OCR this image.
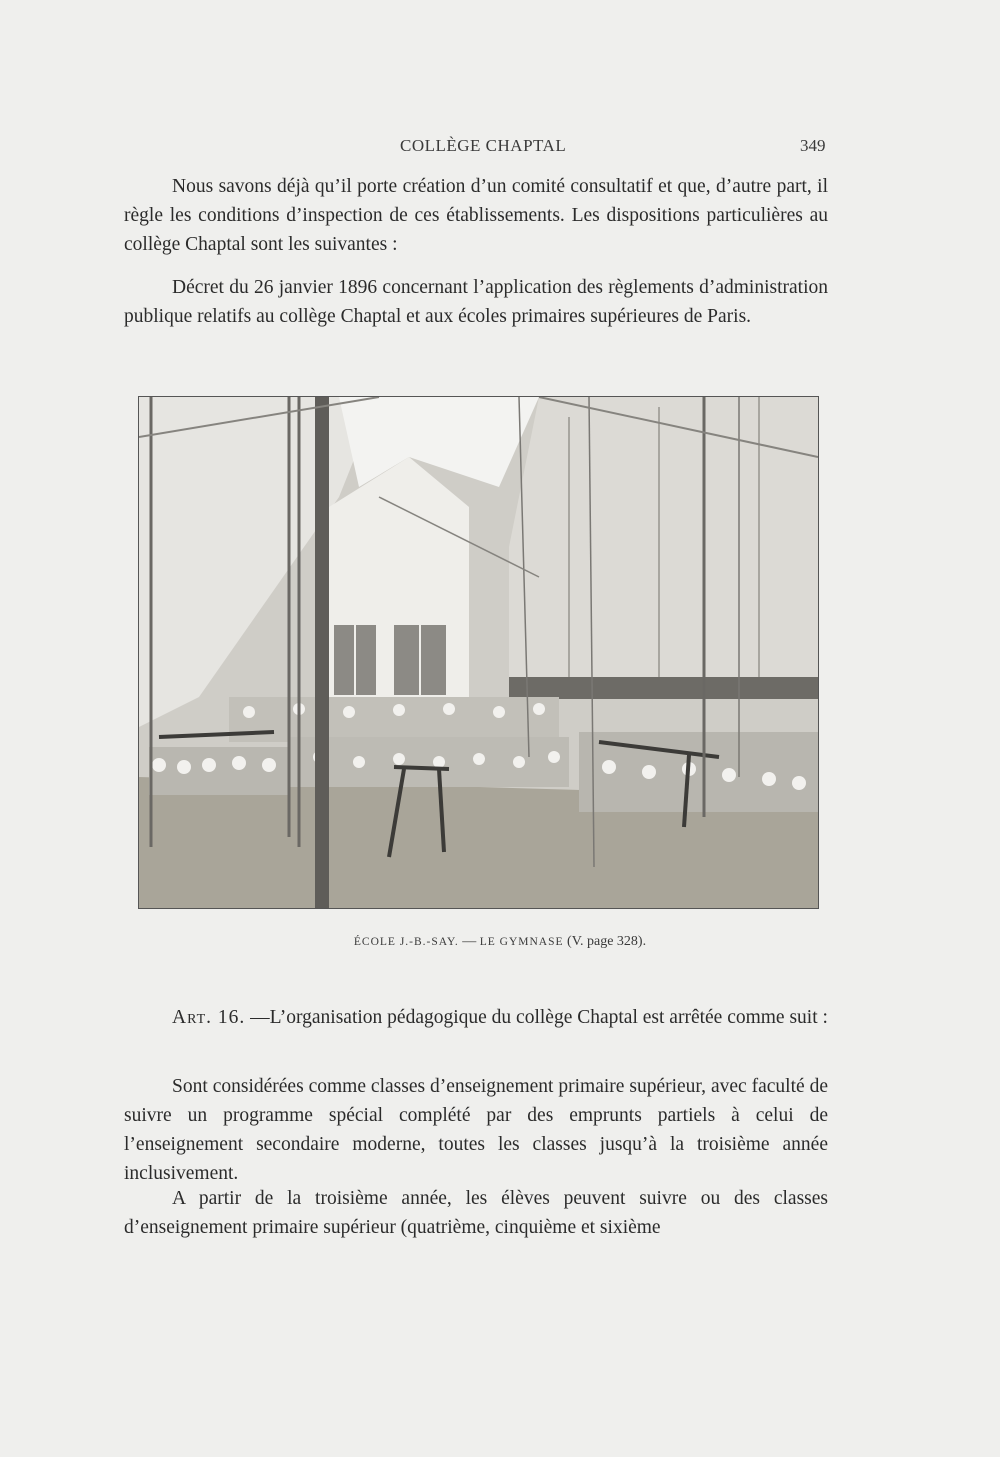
COLLÈGE CHAPTAL	349

Nous savons déjà qu’il porte création d’un comité consultatif et que, d’autre part, il règle les conditions d’inspection de ces établissements. Les dispositions particulières au collège Chaptal sont les suivantes :

Décret du 26 janvier 1896 concernant l’application des règlements d’administration publique relatifs au collège Chaptal et aux écoles primaires supérieures de Paris.

ÉCOLE J.-B.-SAY. — LE GYMNASE (V. page 328).

Art. 16. —L’organisation pédagogique du collège Chaptal est arrêtée comme suit :

Sont considérées comme classes d’enseignement primaire supérieur, avec faculté de suivre un programme spécial complété par des emprunts partiels à celui de l’enseignement secondaire moderne, toutes les classes jusqu’à la troisième année inclusivement.

A partir de la troisième année, les élèves peuvent suivre ou des classes d’enseignement primaire supérieur (quatrième, cinquième et sixième
